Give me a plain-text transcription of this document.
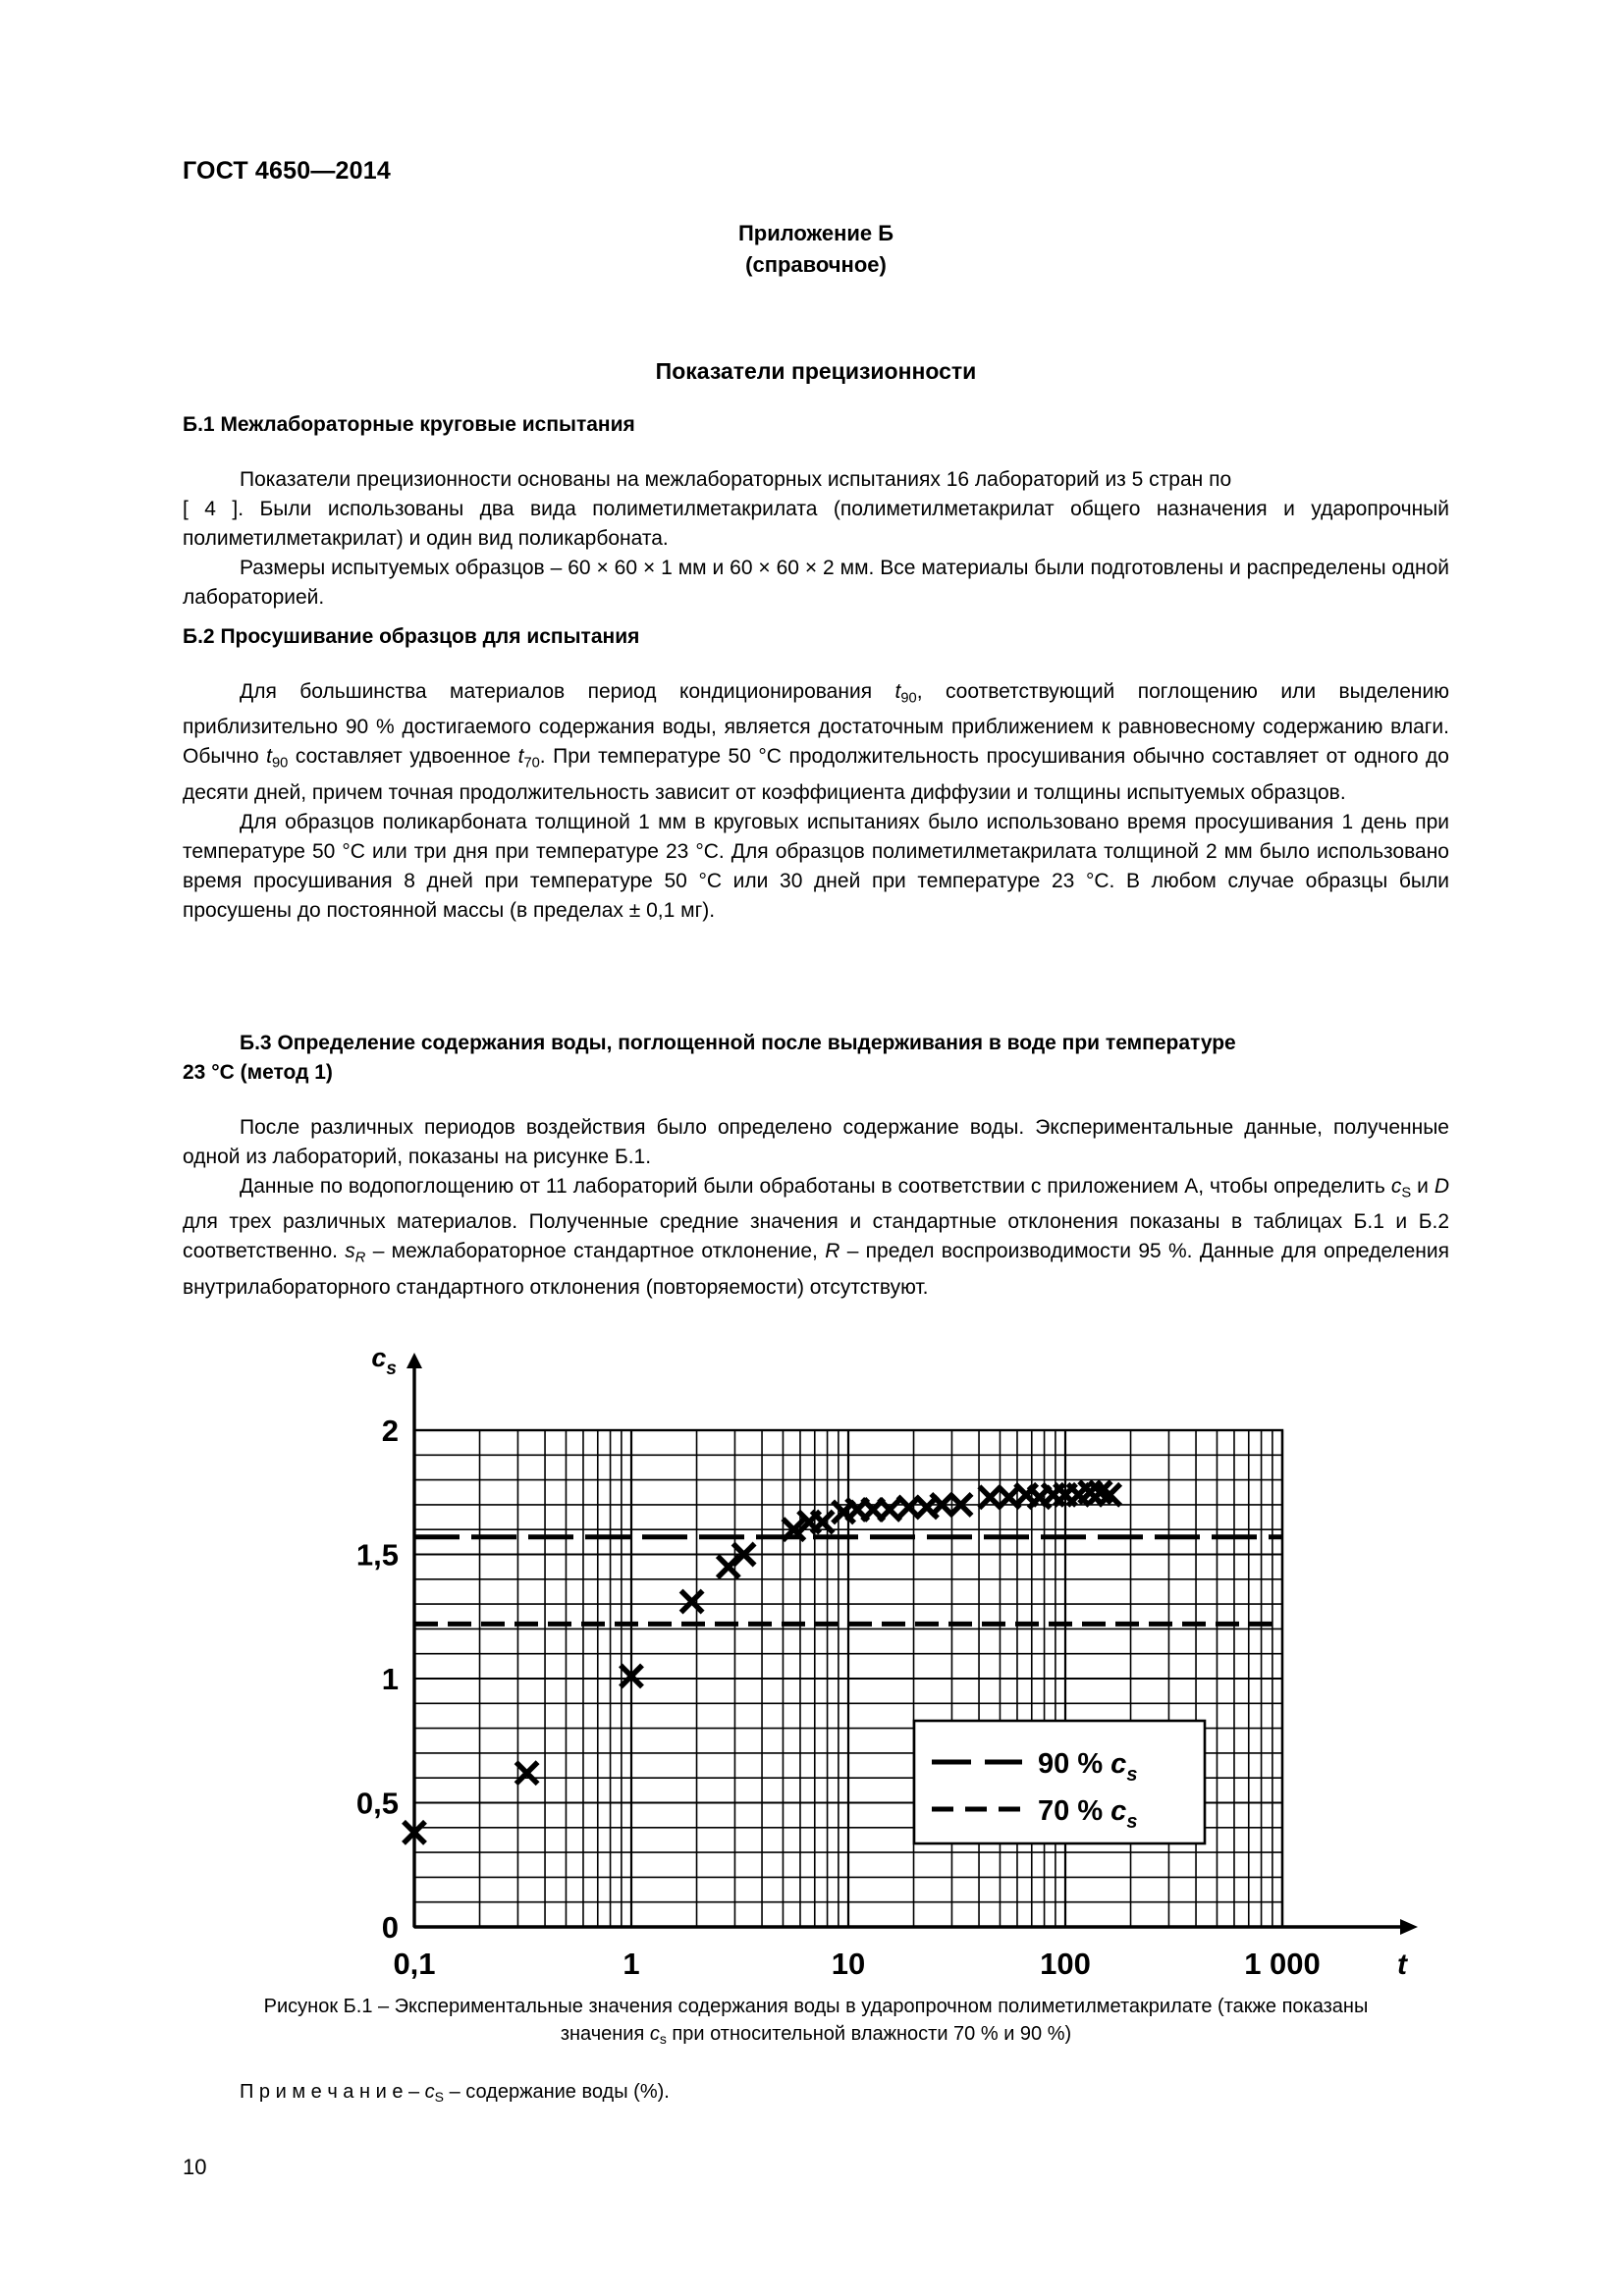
ГОСТ 4650—2014
Приложение Б
(справочное)
Показатели прецизионности
Б.1 Межлабораторные круговые испытания

Показатели прецизионности основаны на межлабораторных испытаниях 16 лабораторий из 5 стран по

[ 4 ]. Были использованы два вида полиметилметакрилата (полиметилметакрилат общего назначения и ударопрочный полиметилметакрилат) и один вид поликарбоната.

Размеры испытуемых образцов – 60 × 60 × 1 мм и 60 × 60 × 2 мм. Все материалы были подготовлены и распределены одной лабораторией.

Б.2 Просушивание образцов для испытания

Для большинства материалов период кондиционирования $t_{90}$, соответствующий поглощению или выделению приблизительно 90 % достигаемого содержания воды, является достаточным приближением к равновесному содержанию влаги. Обычно $t_{90}$ составляет удвоенное $t_{70}$. При температуре 50 °С продолжительность просушивания обычно составляет от одного до десяти дней, причем точная продолжительность зависит от коэффициента диффузии и толщины испытуемых образцов.

Для образцов поликарбоната толщиной 1 мм в круговых испытаниях было использовано время просушивания 1 день при температуре 50 °С или три дня при температуре 23 °С. Для образцов полиметилметакрилата толщиной 2 мм было использовано время просушивания 8 дней при температуре 50 °С или 30 дней при температуре 23 °С. В любом случае образцы были просушены до постоянной массы (в пределах ± 0,1 мг).

Б.3 Определение содержания воды, поглощенной после выдерживания в воде при температуре
23 °С (метод 1)

После различных периодов воздействия было определено содержание воды. Экспериментальные данные, полученные одной из лабораторий, показаны на рисунке Б.1.

Данные по водопоглощению от 11 лабораторий были обработаны в соответствии с приложением А, чтобы определить $c_S$ и D для трех различных материалов. Полученные средние значения и стандартные отклонения показаны в таблицах Б.1 и Б.2 соответственно. $s_R$ – межлабораторное стандартное отклонение, R – предел воспроизводимости 95 %. Данные для определения внутрилабораторного стандартного отклонения (повторяемости) отсутствуют.

0
0,5
1
1,5
2
0,1	1	10	100	1 000
$c_s$
t
90 % $c_s$
70 % $c_s$
Рисунок Б.1 – Экспериментальные значения содержания воды в ударопрочном полиметилметакрилате (также показаны
значения $c_s$ при относительной влажности 70 % и 90 %)
П р и м е ч а н и е – $c_S$ – содержание воды (%).
10
